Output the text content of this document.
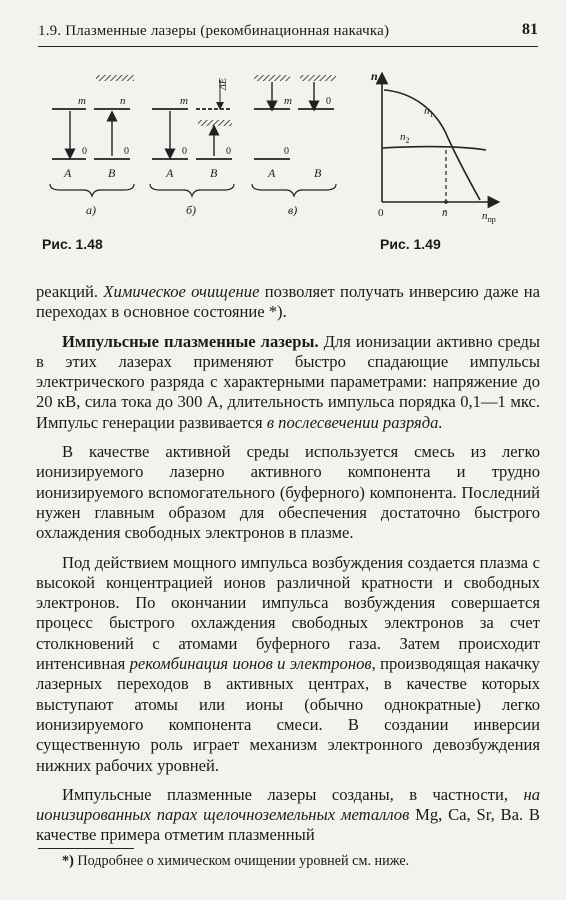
1.9. Плазменные лазеры (рекомбинационная накачка)	81
m	n
0	0
A	B
а)
m
ΔE
0	0
A	B
б)
m	0
0
A	B
в)
n
$n_1$
$n_2$
0	n̄	$n_{пр}$
Рис. 1.48	Рис. 1.49

реакций. Химическое очищение позволяет получать инверсию даже на переходах в основное состояние *).

Импульсные плазменные лазеры. Для ионизации активно среды в этих лазерах применяют быстро спадающие импульсы электрического разряда с характерными параметрами: напряжение до 20 кВ, сила тока до 300 А, длительность импульса порядка 0,1—1 мкс. Импульс генерации развивается в послесвечении разряда.

В качестве активной среды используется смесь из легко ионизируемого лазерно активного компонента и трудно ионизируемого вспомогательного (буферного) компонента. Последний нужен главным образом для обеспечения достаточно быстрого охлаждения свободных электронов в плазме.

Под действием мощного импульса возбуждения создается плазма с высокой концентрацией ионов различной кратности и свободных электронов. По окончании импульса возбуждения совершается процесс быстрого охлаждения свободных электронов за счет столкновений с атомами буферного газа. Затем происходит интенсивная рекомбинация ионов и электронов, производящая накачку лазерных переходов в активных центрах, в качестве которых выступают атомы или ионы (обычно однократные) легко ионизируемого компонента смеси. В создании инверсии существенную роль играет механизм электронного девозбуждения нижних рабочих уровней.

Импульсные плазменные лазеры созданы, в частности, на ионизированных парах щелочноземельных металлов Mg, Ca, Sr, Ba. В качестве примера отметим плазменный

*) Подробнее о химическом очищении уровней см. ниже.
